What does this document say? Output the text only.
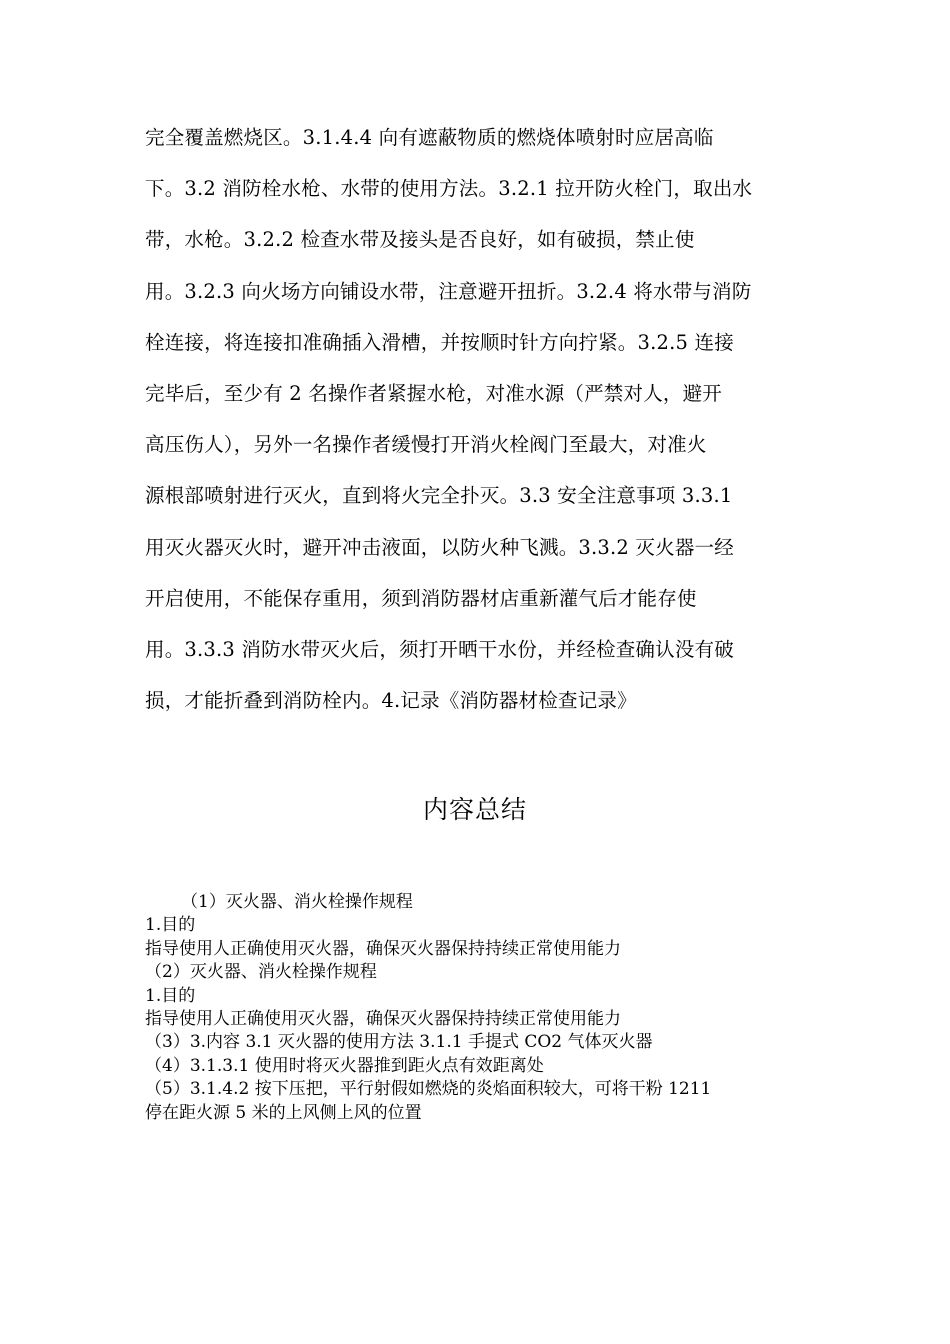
完全覆盖燃烧区。3.1.4.4 向有遮蔽物质的燃烧体喷射时应居高临
下。3.2 消防栓水枪、水带的使用方法。3.2.1 拉开防火栓门，取出水
带，水枪。3.2.2 检查水带及接头是否良好，如有破损，禁止使
用。3.2.3 向火场方向铺设水带，注意避开扭折。3.2.4 将水带与消防
栓连接，将连接扣准确插入滑槽，并按顺时针方向拧紧。3.2.5 连接
完毕后，至少有 2 名操作者紧握水枪，对准水源（严禁对人，避开
高压伤人），另外一名操作者缓慢打开消火栓阀门至最大，对准火
源根部喷射进行灭火，直到将火完全扑灭。3.3 安全注意事项 3.3.1
用灭火器灭火时，避开冲击液面，以防火种飞溅。3.3.2 灭火器一经
开启使用，不能保存重用，须到消防器材店重新灌气后才能存使
用。3.3.3 消防水带灭火后，须打开晒干水份，并经检查确认没有破
损，才能折叠到消防栓内。4.记录《消防器材检查记录》
内容总结
（1）灭火器、消火栓操作规程
1.目的
指导使用人正确使用灭火器，确保灭火器保持持续正常使用能力
（2）灭火器、消火栓操作规程
1.目的
指导使用人正确使用灭火器，确保灭火器保持持续正常使用能力
（3）3.内容 3.1 灭火器的使用方法 3.1.1 手提式 CO2 气体灭火器
（4）3.1.3.1 使用时将灭火器推到距火点有效距离处
（5）3.1.4.2 按下压把，平行射假如燃烧的炎焰面积较大，可将干粉 1211
停在距火源 5 米的上风侧上风的位置
